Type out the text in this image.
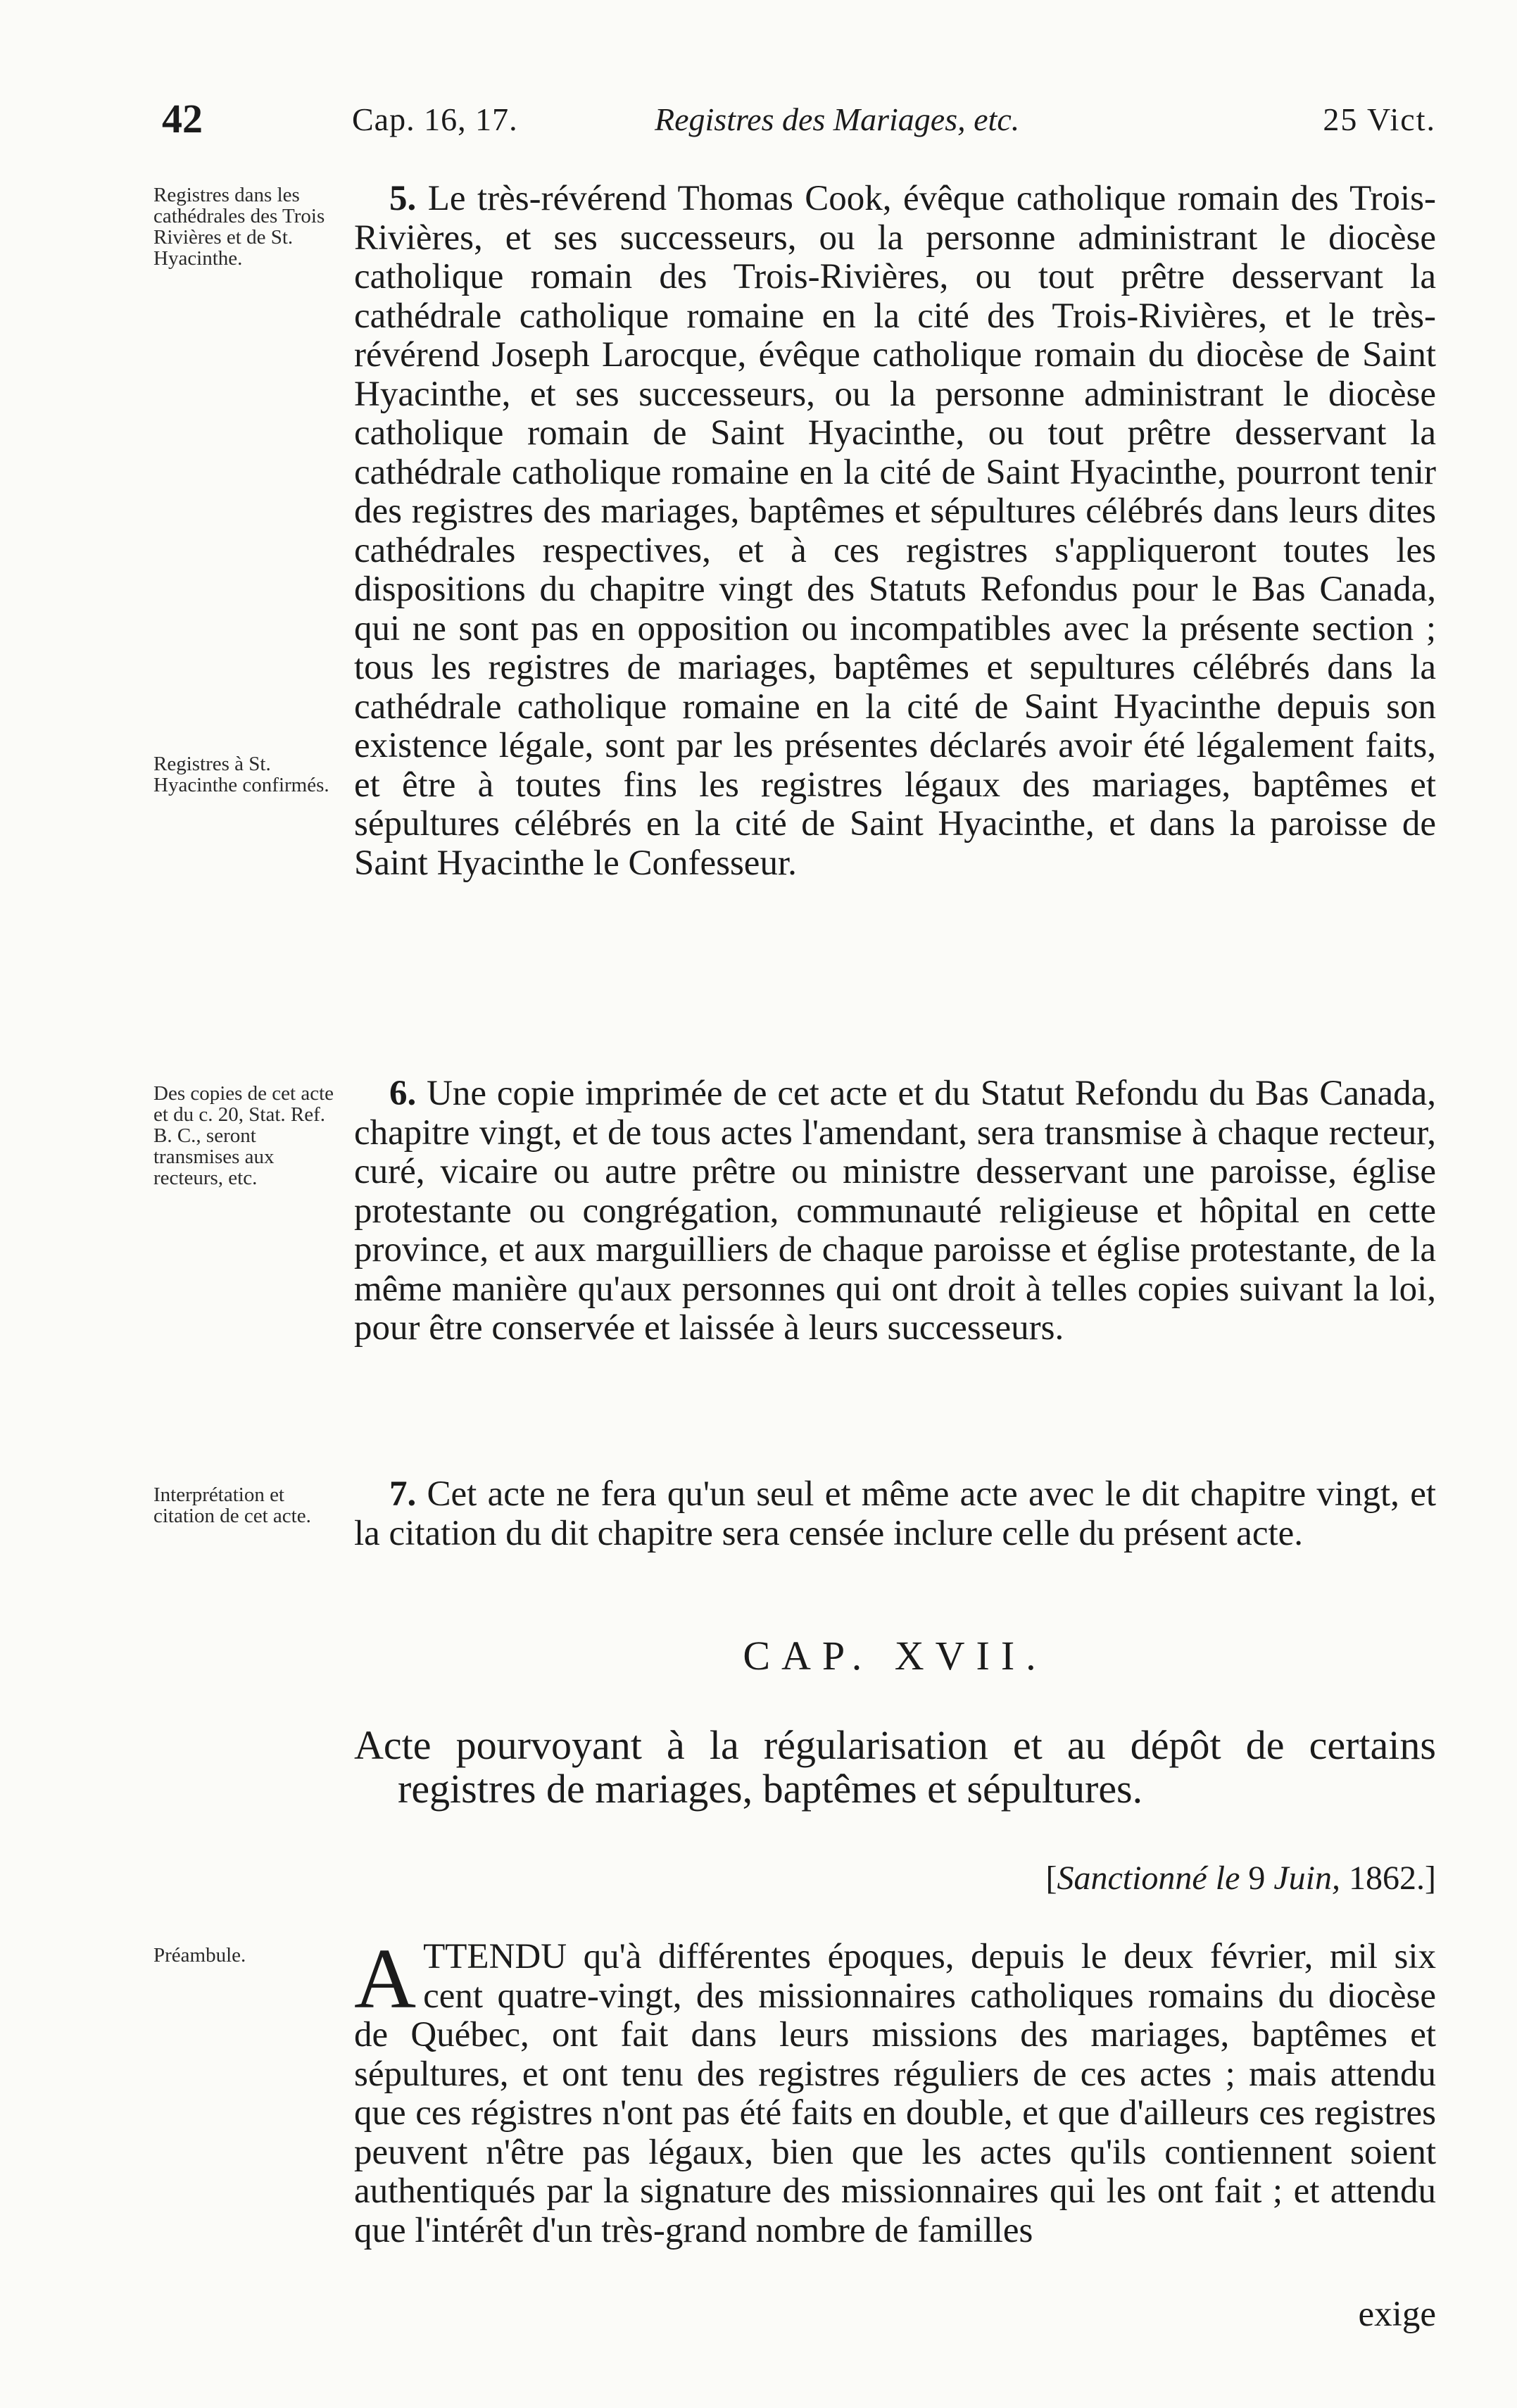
42	Cap. 16, 17.	Registres des Mariages, etc.	25 Vict.
Registres dans les cathédrales des Trois Rivières et de St. Hyacinthe.
Registres à St. Hyacinthe confirmés.
Des copies de cet acte et du c. 20, Stat. Ref. B. C., seront transmises aux recteurs, etc.
Interprétation et citation de cet acte.
Préambule.
5. Le très-révérend Thomas Cook, évêque catholique romain des Trois-Rivières, et ses successeurs, ou la personne administrant le diocèse catholique romain des Trois-Rivières, ou tout prêtre desservant la cathédrale catholique romaine en la cité des Trois-Rivières, et le très-révérend Joseph Larocque, évêque catholique romain du diocèse de Saint Hyacinthe, et ses successeurs, ou la personne administrant le diocèse catholique romain de Saint Hyacinthe, ou tout prêtre desservant la cathédrale catholique romaine en la cité de Saint Hyacinthe, pourront tenir des registres des mariages, baptêmes et sépultures célébrés dans leurs dites cathédrales respectives, et à ces registres s'appliqueront toutes les dispositions du chapitre vingt des Statuts Refondus pour le Bas Canada, qui ne sont pas en opposition ou incompatibles avec la présente section ; tous les registres de mariages, baptêmes et sepultures célébrés dans la cathédrale catholique romaine en la cité de Saint Hyacinthe depuis son existence légale, sont par les présentes déclarés avoir été légalement faits, et être à toutes fins les registres légaux des mariages, baptêmes et sépultures célébrés en la cité de Saint Hyacinthe, et dans la paroisse de Saint Hyacinthe le Confesseur.
6. Une copie imprimée de cet acte et du Statut Refondu du Bas Canada, chapitre vingt, et de tous actes l'amendant, sera transmise à chaque recteur, curé, vicaire ou autre prêtre ou ministre desservant une paroisse, église protestante ou congrégation, communauté religieuse et hôpital en cette province, et aux marguilliers de chaque paroisse et église protestante, de la même manière qu'aux personnes qui ont droit à telles copies suivant la loi, pour être conservée et laissée à leurs successeurs.
7. Cet acte ne fera qu'un seul et même acte avec le dit chapitre vingt, et la citation du dit chapitre sera censée inclure celle du présent acte.
CAP. XVII.
Acte pourvoyant à la régularisation et au dépôt de certains registres de mariages, baptêmes et sépultures.
[Sanctionné le 9 Juin, 1862.]
A TTENDU qu'à différentes époques, depuis le deux février, mil six cent quatre-vingt, des missionnaires catholiques romains du diocèse de Québec, ont fait dans leurs missions des mariages, baptêmes et sépultures, et ont tenu des registres réguliers de ces actes ; mais attendu que ces régistres n'ont pas été faits en double, et que d'ailleurs ces registres peuvent n'être pas légaux, bien que les actes qu'ils contiennent soient authentiqués par la signature des missionnaires qui les ont fait ; et attendu que l'intérêt d'un très-grand nombre de familles
exige
